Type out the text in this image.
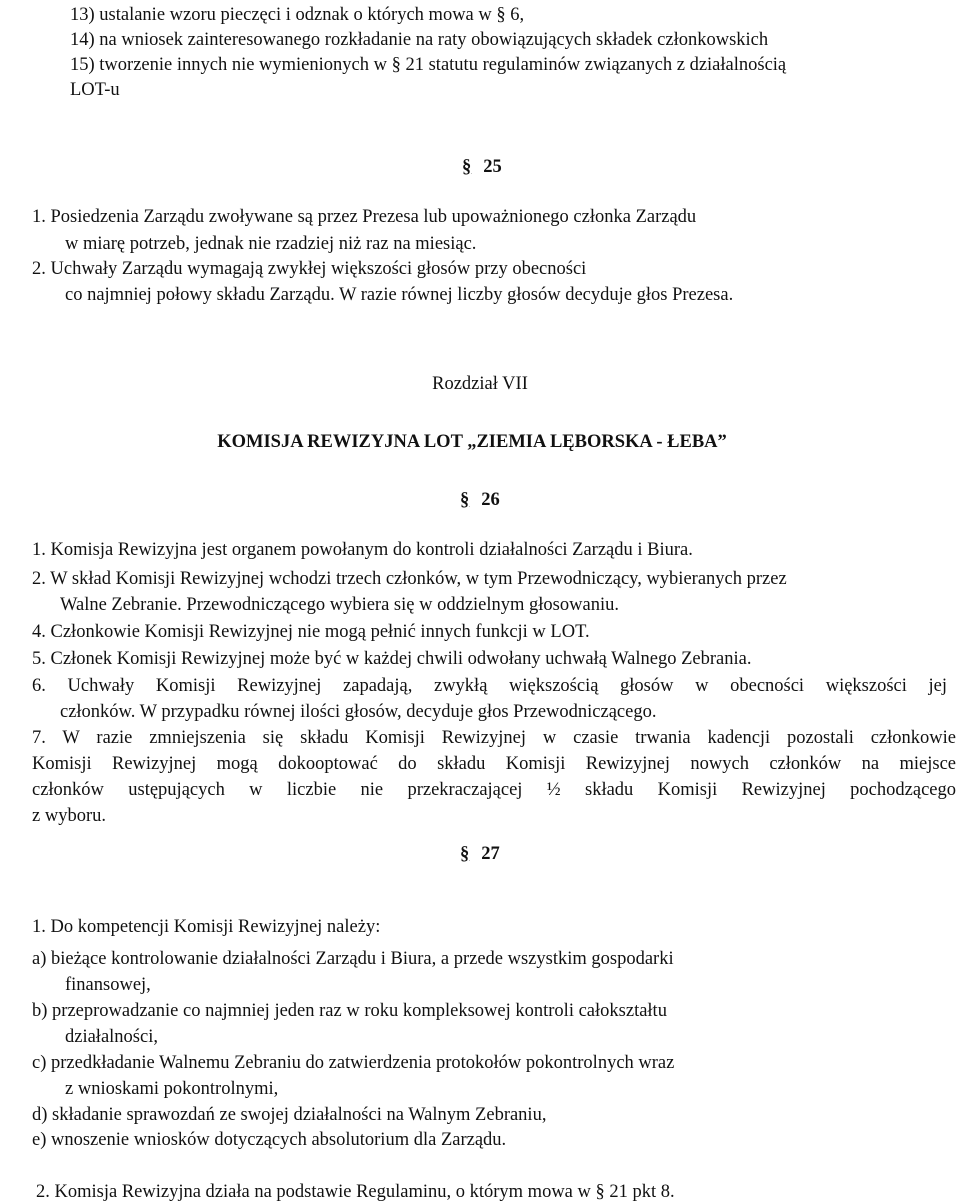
13) ustalanie wzoru pieczęci i odznak o których mowa w § 6,
14) na wniosek zainteresowanego rozkładanie na raty obowiązujących składek członkowskich
15) tworzenie innych nie wymienionych w § 21 statutu regulaminów związanych z działalnością
LOT-u
§ 25
1. Posiedzenia Zarządu zwoływane są przez Prezesa lub upoważnionego członka Zarządu
w miarę potrzeb, jednak nie rzadziej niż raz na miesiąc.
2. Uchwały Zarządu wymagają zwykłej większości głosów przy obecności
co najmniej połowy składu Zarządu. W razie równej liczby głosów decyduje głos Prezesa.
Rozdział VII
KOMISJA REWIZYJNA LOT „ZIEMIA LĘBORSKA - ŁEBA”
§ 26
1. Komisja Rewizyjna jest organem powołanym do kontroli działalności Zarządu i Biura.
2. W skład Komisji Rewizyjnej wchodzi trzech członków, w tym Przewodniczący, wybieranych przez
Walne Zebranie. Przewodniczącego wybiera się w oddzielnym głosowaniu.
4. Członkowie Komisji Rewizyjnej nie mogą pełnić innych funkcji w LOT.
5. Członek Komisji Rewizyjnej może być w każdej chwili odwołany uchwałą Walnego Zebrania.
6. Uchwały Komisji Rewizyjnej zapadają, zwykłą większością głosów w obecności większości jej
członków. W przypadku równej ilości głosów, decyduje głos Przewodniczącego.
7. W razie zmniejszenia się składu Komisji Rewizyjnej w czasie trwania kadencji pozostali członkowie
Komisji Rewizyjnej mogą dokooptować do składu Komisji Rewizyjnej nowych członków na miejsce
członków ustępujących w liczbie nie przekraczającej ½ składu Komisji Rewizyjnej pochodzącego
z wyboru.
§ 27
1. Do kompetencji Komisji Rewizyjnej należy:
a) bieżące kontrolowanie działalności Zarządu i Biura, a przede wszystkim gospodarki
finansowej,
b) przeprowadzanie co najmniej jeden raz w roku kompleksowej kontroli całokształtu
działalności,
c) przedkładanie Walnemu Zebraniu do zatwierdzenia protokołów pokontrolnych wraz
z wnioskami pokontrolnymi,
d) składanie sprawozdań ze swojej działalności na Walnym Zebraniu,
e) wnoszenie wniosków dotyczących absolutorium dla Zarządu.
2. Komisja Rewizyjna działa na podstawie Regulaminu, o którym mowa w § 21 pkt 8.
